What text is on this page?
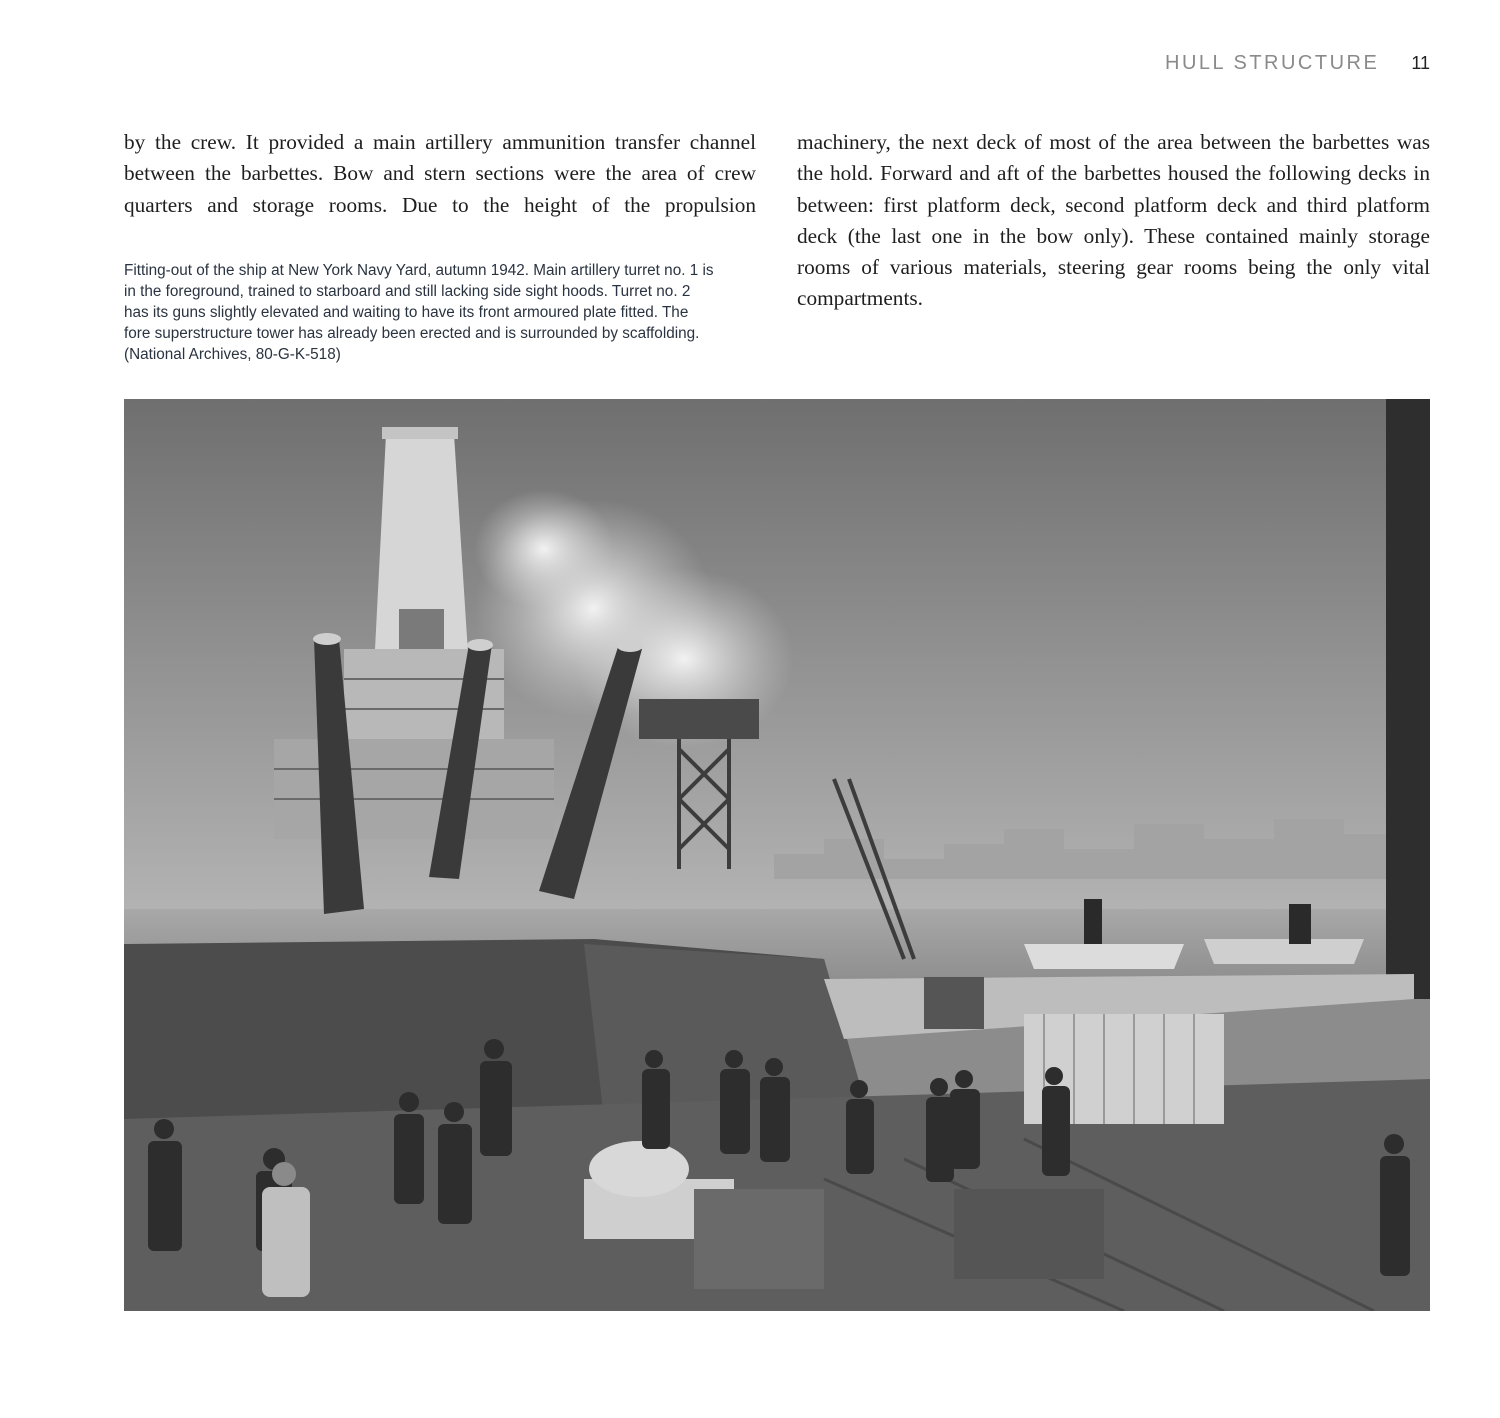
HULL STRUCTURE 11

by the crew. It provided a main artillery ammunition transfer channel between the barbettes. Bow and stern sections were the area of crew quarters and storage rooms. Due to the height of the propulsion

machinery, the next deck of most of the area between the barbettes was the hold. Forward and aft of the barbettes housed the following decks in between: first platform deck, second platform deck and third platform deck (the last one in the bow only). These contained mainly storage rooms of various materials, steering gear rooms being the only vital compartments.

Fitting-out of the ship at New York Navy Yard, autumn 1942. Main artillery turret no. 1 is in the foreground, trained to starboard and still lacking side sight hoods. Turret no. 2 has its guns slightly elevated and waiting to have its front armoured plate fitted. The fore superstructure tower has already been erected and is surrounded by scaffolding.

(National Archives, 80-G-K-518)
